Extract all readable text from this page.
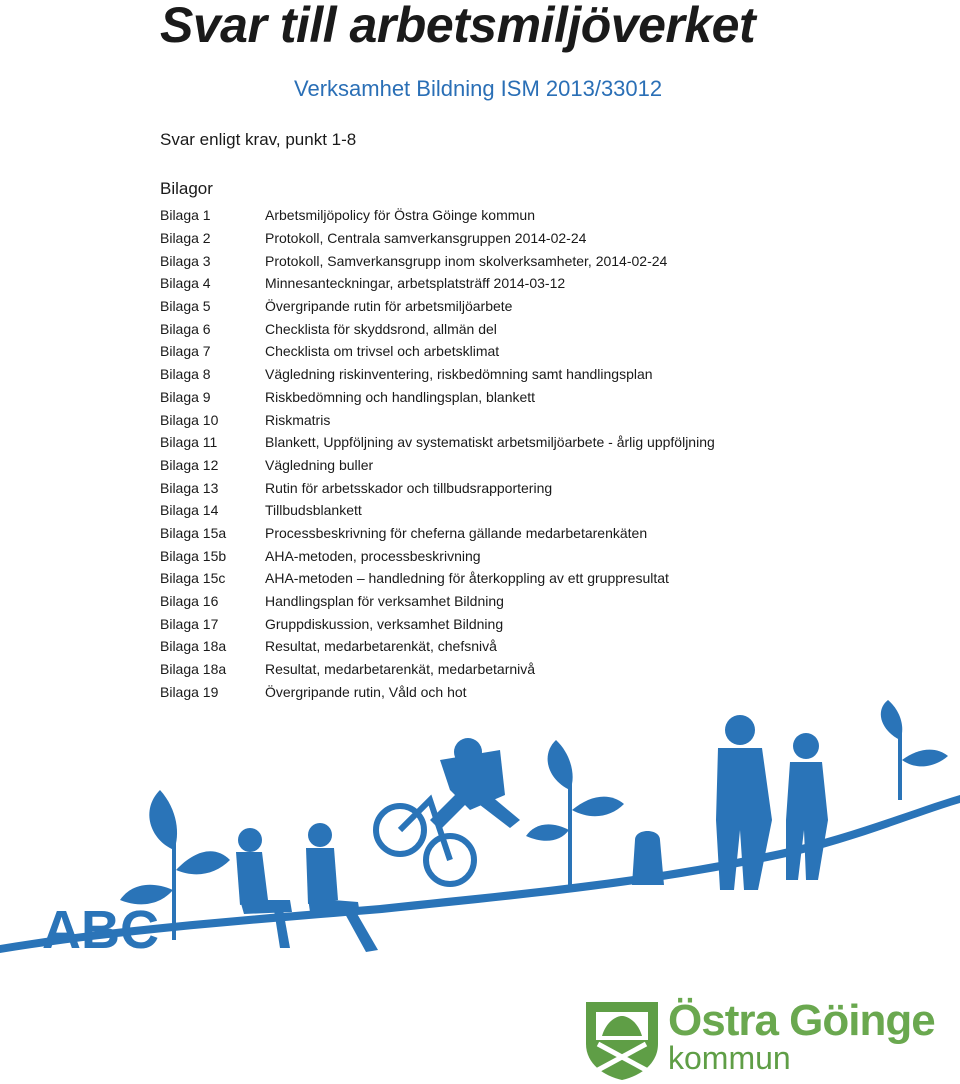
Svar till arbetsmiljöverket
Verksamhet Bildning ISM 2013/33012
Svar enligt krav, punkt 1-8
Bilagor
Bilaga 1	Arbetsmiljöpolicy för Östra Göinge kommun
Bilaga 2	Protokoll, Centrala samverkansgruppen 2014-02-24
Bilaga 3	Protokoll, Samverkansgrupp inom skolverksamheter, 2014-02-24
Bilaga 4	Minnesanteckningar, arbetsplatsträff 2014-03-12
Bilaga 5	Övergripande rutin för arbetsmiljöarbete
Bilaga 6	Checklista för skyddsrond, allmän del
Bilaga 7	Checklista om trivsel och arbetsklimat
Bilaga 8	Vägledning riskinventering, riskbedömning samt handlingsplan
Bilaga 9	Riskbedömning och handlingsplan, blankett
Bilaga 10	Riskmatris
Bilaga 11	Blankett, Uppföljning av systematiskt arbetsmiljöarbete - årlig uppföljning
Bilaga 12	Vägledning buller
Bilaga 13	Rutin för arbetsskador och tillbudsrapportering
Bilaga 14	Tillbudsblankett
Bilaga 15a	Processbeskrivning för cheferna gällande medarbetarenkäten
Bilaga 15b	AHA-metoden, processbeskrivning
Bilaga 15c	AHA-metoden – handledning för återkoppling av ett gruppresultat
Bilaga 16	Handlingsplan för verksamhet Bildning
Bilaga 17	Gruppdiskussion, verksamhet Bildning
Bilaga 18a	Resultat, medarbetarenkät, chefsnivå
Bilaga 18a	Resultat, medarbetarenkät, medarbetarnivå
Bilaga 19	Övergripande rutin, Våld och hot
ABC
Östra Göinge
kommun
